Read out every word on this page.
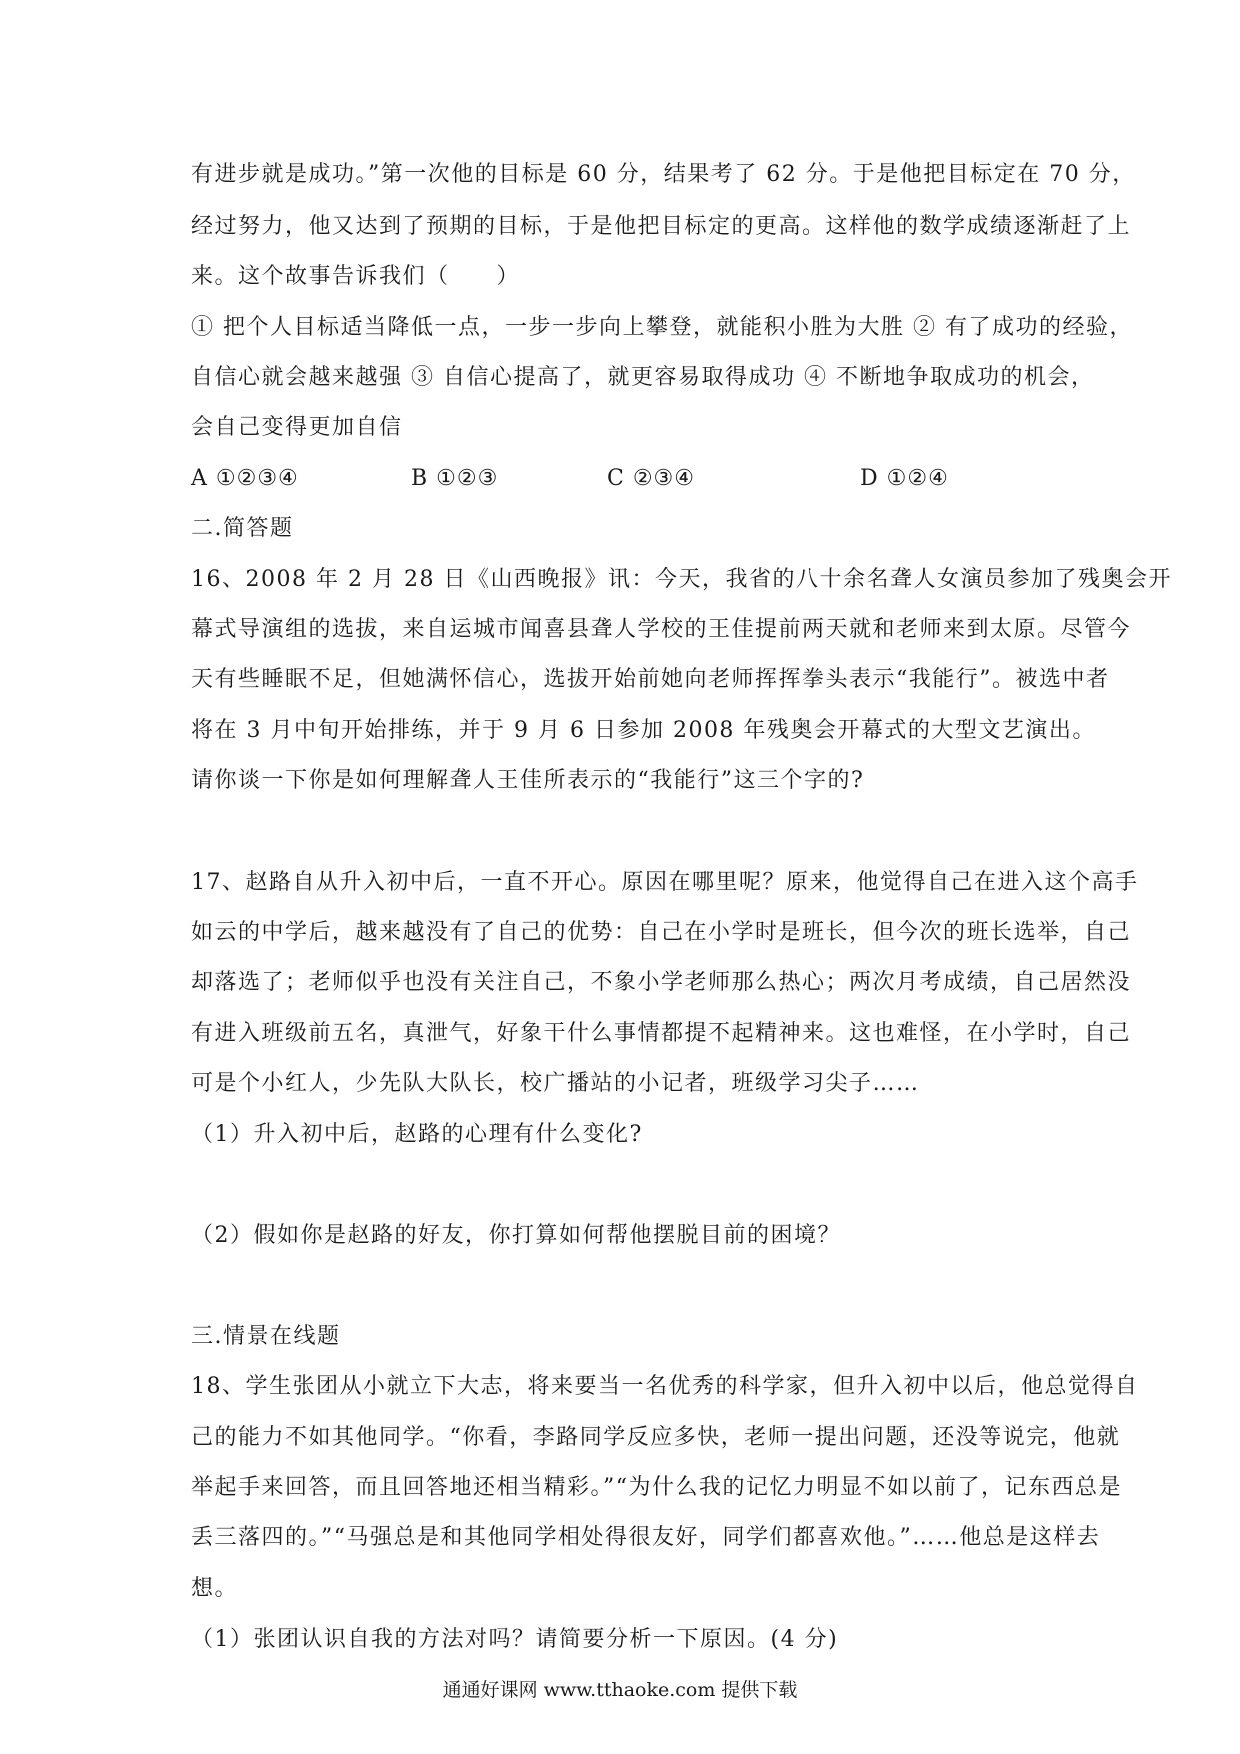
有进步就是成功。”第一次他的目标是 60 分，结果考了 62 分。于是他把目标定在 70 分，
经过努力，他又达到了预期的目标，于是他把目标定的更高。这样他的数学成绩逐渐赶了上
来。这个故事告诉我们（　　）
① 把个人目标适当降低一点，一步一步向上攀登，就能积小胜为大胜 ② 有了成功的经验，
自信心就会越来越强 ③ 自信心提高了，就更容易取得成功 ④ 不断地争取成功的机会，
会自己变得更加自信
A ①②③④	B ①②③	C ②③④	D ①②④
二.简答题
16、2008 年 2 月 28 日《山西晚报》讯：今天，我省的八十余名聋人女演员参加了残奥会开
幕式导演组的选拔，来自运城市闻喜县聋人学校的王佳提前两天就和老师来到太原。尽管今
天有些睡眠不足，但她满怀信心，选拔开始前她向老师挥挥拳头表示“我能行”。被选中者
将在 3 月中旬开始排练，并于 9 月 6 日参加 2008 年残奥会开幕式的大型文艺演出。
请你谈一下你是如何理解聋人王佳所表示的“我能行”这三个字的?
17、赵路自从升入初中后，一直不开心。原因在哪里呢？原来，他觉得自己在进入这个高手
如云的中学后，越来越没有了自己的优势：自己在小学时是班长，但今次的班长选举，自己
却落选了；老师似乎也没有关注自己，不象小学老师那么热心；两次月考成绩，自己居然没
有进入班级前五名，真泄气，好象干什么事情都提不起精神来。这也难怪，在小学时，自己
可是个小红人，少先队大队长，校广播站的小记者，班级学习尖子……
（1）升入初中后，赵路的心理有什么变化?
（2）假如你是赵路的好友，你打算如何帮他摆脱目前的困境？
三.情景在线题
18、学生张团从小就立下大志，将来要当一名优秀的科学家，但升入初中以后，他总觉得自
己的能力不如其他同学。“你看，李路同学反应多快，老师一提出问题，还没等说完，他就
举起手来回答，而且回答地还相当精彩。”“为什么我的记忆力明显不如以前了，记东西总是
丢三落四的。”“马强总是和其他同学相处得很友好，同学们都喜欢他。”……他总是这样去
想。
（1）张团认识自我的方法对吗？请简要分析一下原因。(4 分)
通通好课网 www.tthaoke.com 提供下载
